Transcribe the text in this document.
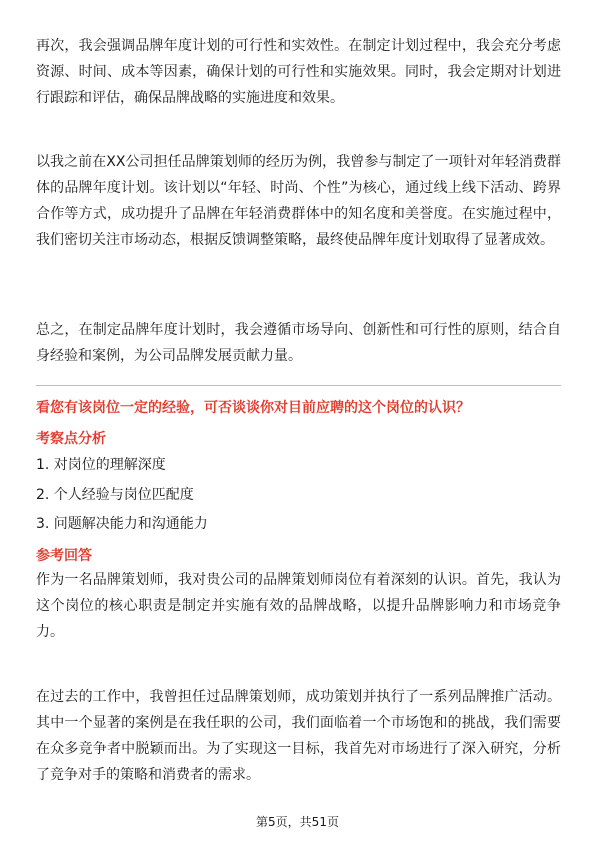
再次，我会强调品牌年度计划的可行性和实效性。在制定计划过程中，我会充分考虑资源、时间、成本等因素，确保计划的可行性和实施效果。同时，我会定期对计划进行跟踪和评估，确保品牌战略的实施进度和效果。

以我之前在XX公司担任品牌策划师的经历为例，我曾参与制定了一项针对年轻消费群体的品牌年度计划。该计划以“年轻、时尚、个性”为核心，通过线上线下活动、跨界合作等方式，成功提升了品牌在年轻消费群体中的知名度和美誉度。在实施过程中，我们密切关注市场动态，根据反馈调整策略，最终使品牌年度计划取得了显著成效。

总之，在制定品牌年度计划时，我会遵循市场导向、创新性和可行性的原则，结合自身经验和案例，为公司品牌发展贡献力量。

看您有该岗位一定的经验，可否谈谈你对目前应聘的这个岗位的认识？

考察点分析

1. 对岗位的理解深度

2. 个人经验与岗位匹配度

3. 问题解决能力和沟通能力

参考回答

作为一名品牌策划师，我对贵公司的品牌策划师岗位有着深刻的认识。首先，我认为这个岗位的核心职责是制定并实施有效的品牌战略，以提升品牌影响力和市场竞争力。

在过去的工作中，我曾担任过品牌策划师，成功策划并执行了一系列品牌推广活动。其中一个显著的案例是在我任职的公司，我们面临着一个市场饱和的挑战，我们需要在众多竞争者中脱颖而出。为了实现这一目标，我首先对市场进行了深入研究，分析了竞争对手的策略和消费者的需求。

第5页，共51页
